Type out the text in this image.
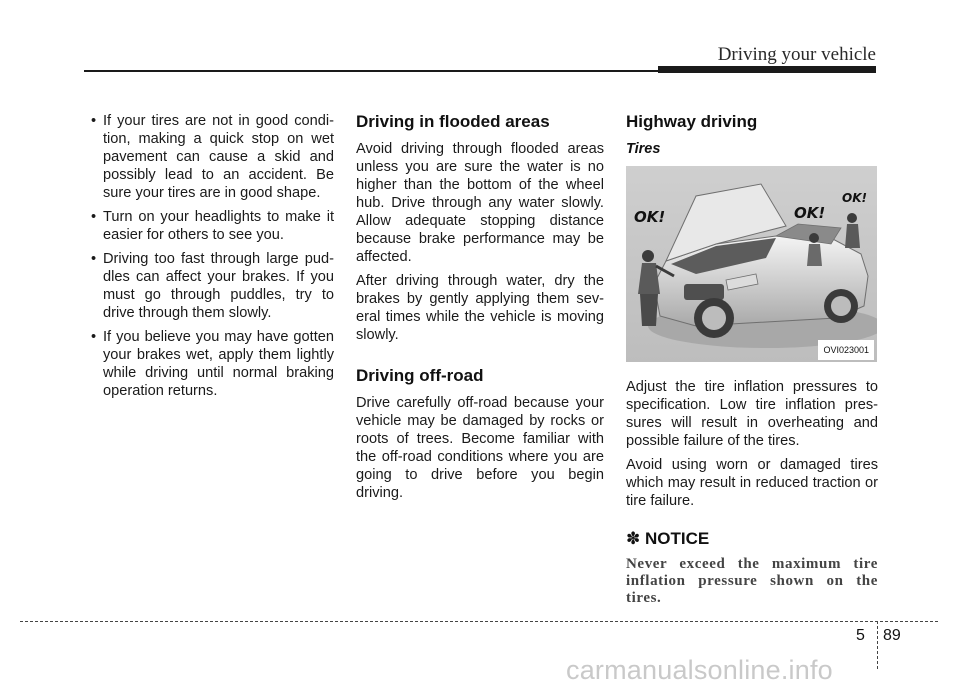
Driving your vehicle
• If your tires are not in good condi-tion, making a quick stop on wet pavement can cause a skid and possibly lead to an accident. Be sure your tires are in good shape.
• Turn on your headlights to make it easier for others to see you.
• Driving too fast through large pud-dles can affect your brakes. If you must go through puddles, try to drive through them slowly.
• If you believe you may have gotten your brakes wet, apply them lightly while driving until normal braking operation returns.
Driving in flooded areas

Avoid driving through flooded areas unless you are sure the water is no higher than the bottom of the wheel hub. Drive through any water slowly. Allow adequate stopping distance because brake performance may be affected.

After driving through water, dry the brakes by gently applying them sev-eral times while the vehicle is moving slowly.

Driving off-road

Drive carefully off-road because your vehicle may be damaged by rocks or roots of trees. Become familiar with the off-road conditions where you are going to drive before you begin driving.

Highway driving
Tires
OK!	OK!
OK!
OVI023001

Adjust the tire inflation pressures to specification. Low tire inflation pres-sures will result in overheating and possible failure of the tires.

Avoid using worn or damaged tires which may result in reduced traction or tire failure.

✽ NOTICE

Never exceed the maximum tire inflation pressure shown on the tires.

5 89
carmanualsonline.info
